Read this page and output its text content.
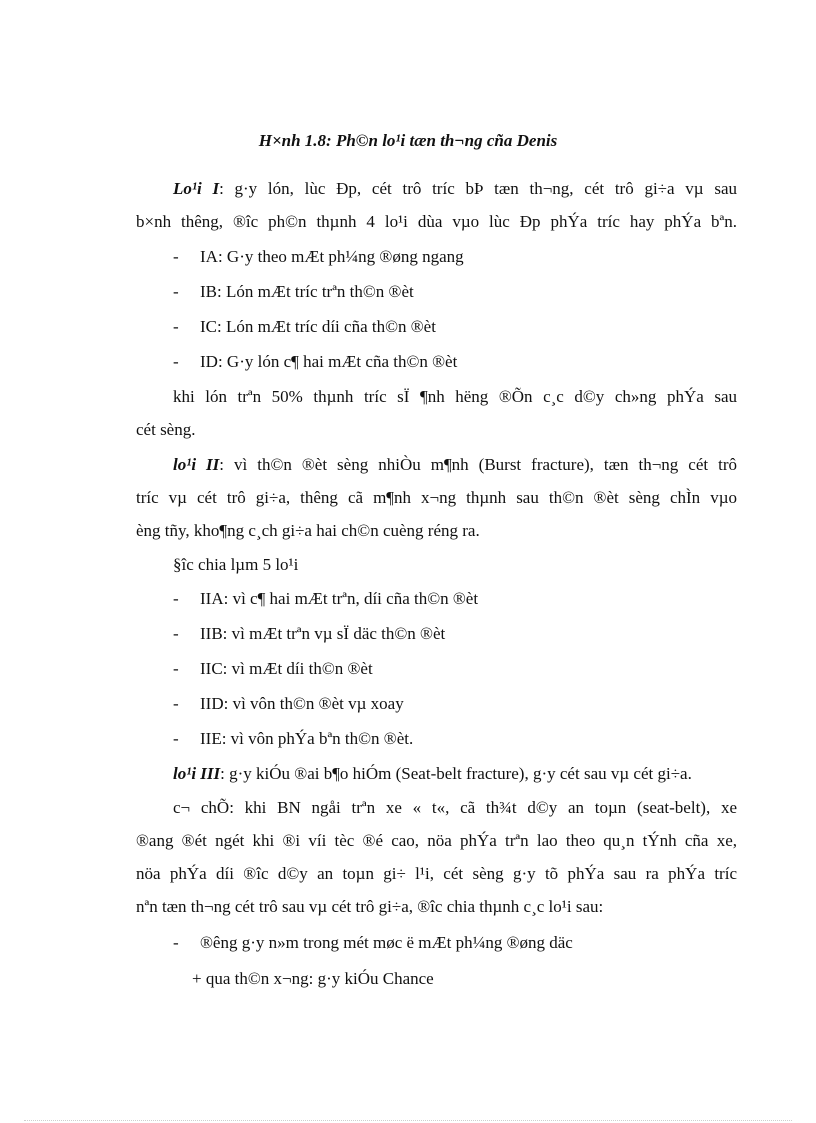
H×nh 1.8: Ph©n lo¹i tæn th¬ng cña Denis
Lo¹i I: g·y lón, lùc Ðp, cét trô tríc bÞ tæn th¬ng, cét trô gi÷a vµ sau
b×nh thêng, ®îc ph©n thµnh 4 lo¹i dùa vµo lùc Ðp phÝa tríc hay phÝa bªn.
- IA: G·y theo mÆt ph¼ng ®øng ngang
- IB: Lón mÆt tríc trªn th©n ®èt
- IC: Lón mÆt tríc díi cña th©n ®èt
- ID: G·y lón c¶ hai mÆt cña th©n ®èt
khi lón trªn 50% thµnh tríc sÏ ¶nh hëng ®Õn c¸c d©y ch»ng phÝa sau
cét sèng.
lo¹i II: vì th©n ®èt sèng nhiÒu m¶nh (Burst fracture), tæn th¬ng cét trô
tríc vµ cét trô gi÷a, thêng cã m¶nh x¬ng thµnh sau th©n ®èt sèng chÌn vµo
èng tñy, kho¶ng c¸ch gi÷a hai ch©n cuèng réng ra.
§îc chia lµm 5 lo¹i
- IIA: vì c¶ hai mÆt trªn, díi cña th©n ®èt
- IIB: vì mÆt trªn vµ sÏ däc th©n ®èt
- IIC: vì mÆt díi th©n ®èt
- IID: vì vôn th©n ®èt vµ xoay
- IIE: vì vôn phÝa bªn th©n ®èt.
lo¹i III: g·y kiÓu ®ai b¶o hiÓm (Seat-belt fracture), g·y cét sau vµ cét gi÷a.
c¬ chÕ: khi BN ngåi trªn xe « t«, cã th¾t d©y an toµn (seat-belt), xe
®ang ®ét ngét khi ®i víi tèc ®é cao, nöa phÝa trªn lao theo qu¸n tÝnh cña xe,
nöa phÝa díi ®îc d©y an toµn gi÷ l¹i, cét sèng g·y tõ phÝa sau ra phÝa tríc
nªn tæn th¬ng cét trô sau vµ cét trô gi÷a, ®îc chia thµnh c¸c lo¹i sau:
- ®êng g·y n»m trong mét møc ë mÆt ph¼ng ®øng däc
+ qua th©n x¬ng: g·y kiÓu Chance
